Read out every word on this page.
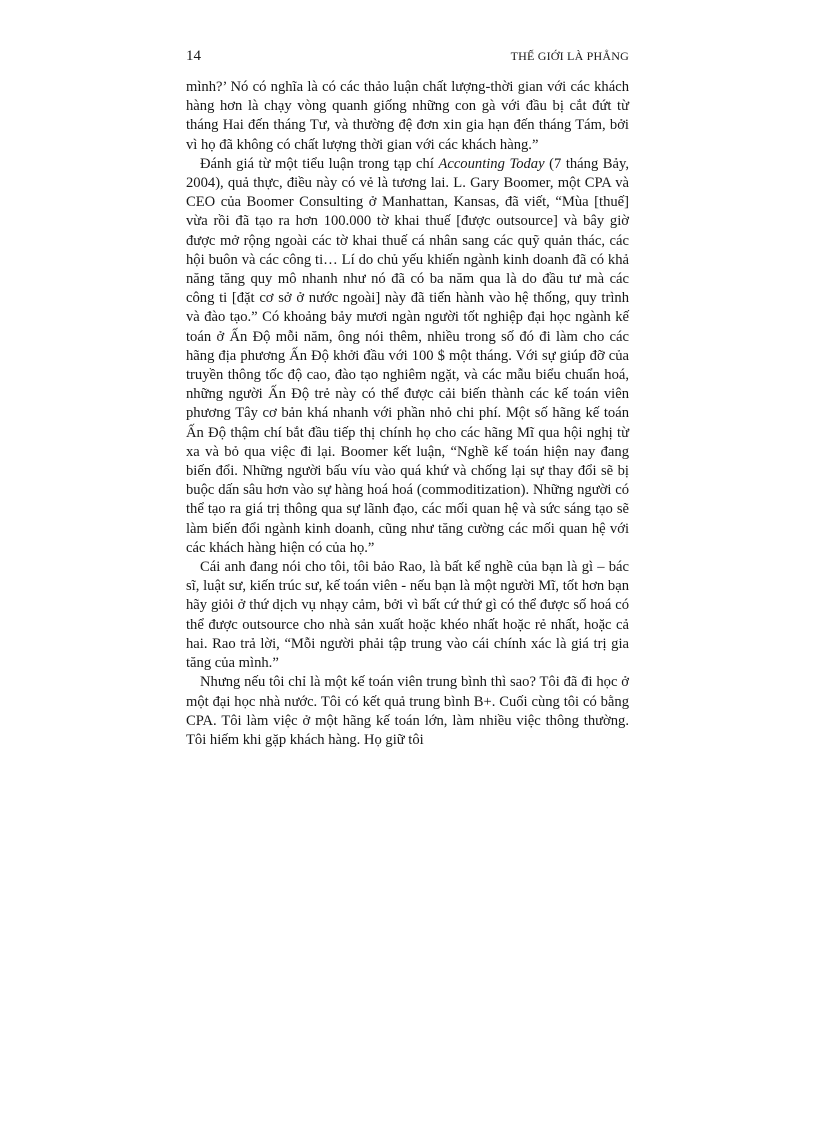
14	THẾ GIỚI LÀ PHẲNG

mình?’ Nó có nghĩa là có các thảo luận chất lượng-thời gian với các khách hàng hơn là chạy vòng quanh giống những con gà với đầu bị cắt đứt từ tháng Hai đến tháng Tư, và thường đệ đơn xin gia hạn đến tháng Tám, bởi vì họ đã không có chất lượng thời gian với các khách hàng.”

Đánh giá từ một tiểu luận trong tạp chí Accounting Today (7 tháng Bảy, 2004), quả thực, điều này có vẻ là tương lai. L. Gary Boomer, một CPA và CEO của Boomer Consulting ở Manhattan, Kansas, đã viết, “Mùa [thuế] vừa rồi đã tạo ra hơn 100.000 tờ khai thuế [được outsource] và bây giờ được mở rộng ngoài các tờ khai thuế cá nhân sang các quỹ quản thác, các hội buôn và các công ti… Lí do chủ yếu khiến ngành kinh doanh đã có khả năng tăng quy mô nhanh như nó đã có ba năm qua là do đầu tư mà các công ti [đặt cơ sở ở nước ngoài] này đã tiến hành vào hệ thống, quy trình và đào tạo.” Có khoảng bảy mươi ngàn người tốt nghiệp đại học ngành kế toán ở Ấn Độ mỗi năm, ông nói thêm, nhiều trong số đó đi làm cho các hãng địa phương Ấn Độ khởi đầu với 100 $ một tháng. Với sự giúp đỡ của truyền thông tốc độ cao, đào tạo nghiêm ngặt, và các mẫu biểu chuẩn hoá, những người Ấn Độ trẻ này có thể được cải biến thành các kế toán viên phương Tây cơ bản khá nhanh với phần nhỏ chi phí. Một số hãng kế toán Ấn Độ thậm chí bắt đầu tiếp thị chính họ cho các hãng Mĩ qua hội nghị từ xa và bỏ qua việc đi lại. Boomer kết luận, “Nghề kế toán hiện nay đang biến đổi. Những người bấu víu vào quá khứ và chống lại sự thay đổi sẽ bị buộc dấn sâu hơn vào sự hàng hoá hoá (commoditization). Những người có thể tạo ra giá trị thông qua sự lãnh đạo, các mối quan hệ và sức sáng tạo sẽ làm biến đổi ngành kinh doanh, cũng như tăng cường các mối quan hệ với các khách hàng hiện có của họ.”

Cái anh đang nói cho tôi, tôi bảo Rao, là bất kể nghề của bạn là gì – bác sĩ, luật sư, kiến trúc sư, kế toán viên - nếu bạn là một người Mĩ, tốt hơn bạn hãy giỏi ở thứ dịch vụ nhạy cảm, bởi vì bất cứ thứ gì có thể được số hoá có thể được outsource cho nhà sản xuất hoặc khéo nhất hoặc rẻ nhất, hoặc cả hai. Rao trả lời, “Mỗi người phải tập trung vào cái chính xác là giá trị gia tăng của mình.”

Nhưng nếu tôi chỉ là một kế toán viên trung bình thì sao? Tôi đã đi học ở một đại học nhà nước. Tôi có kết quả trung bình B+. Cuối cùng tôi có bằng CPA. Tôi làm việc ở một hãng kế toán lớn, làm nhiều việc thông thường. Tôi hiếm khi gặp khách hàng. Họ giữ tôi
